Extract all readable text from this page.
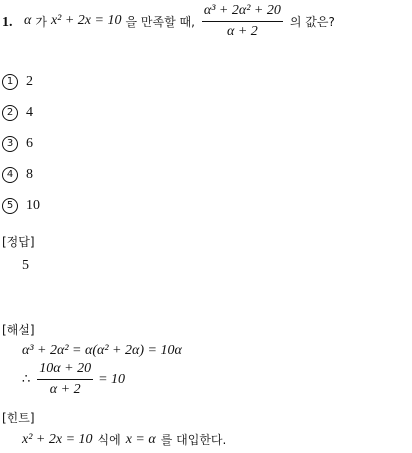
1. α 가 x² + 2x = 10 을 만족할 때, $\frac{\text{α³ + 2α² + 20}}{\alpha + 2}$ 의 값은?
1 2
2 4
3 6
4 8
5 10
[정답]
5
[해설]
α³ + 2α² = α(α² + 2α) = 10α
∴ $\frac{10\alpha + 20}{\alpha + 2} = 10$
[힌트]
x² + 2x = 10 식에 x = α 를 대입한다.
